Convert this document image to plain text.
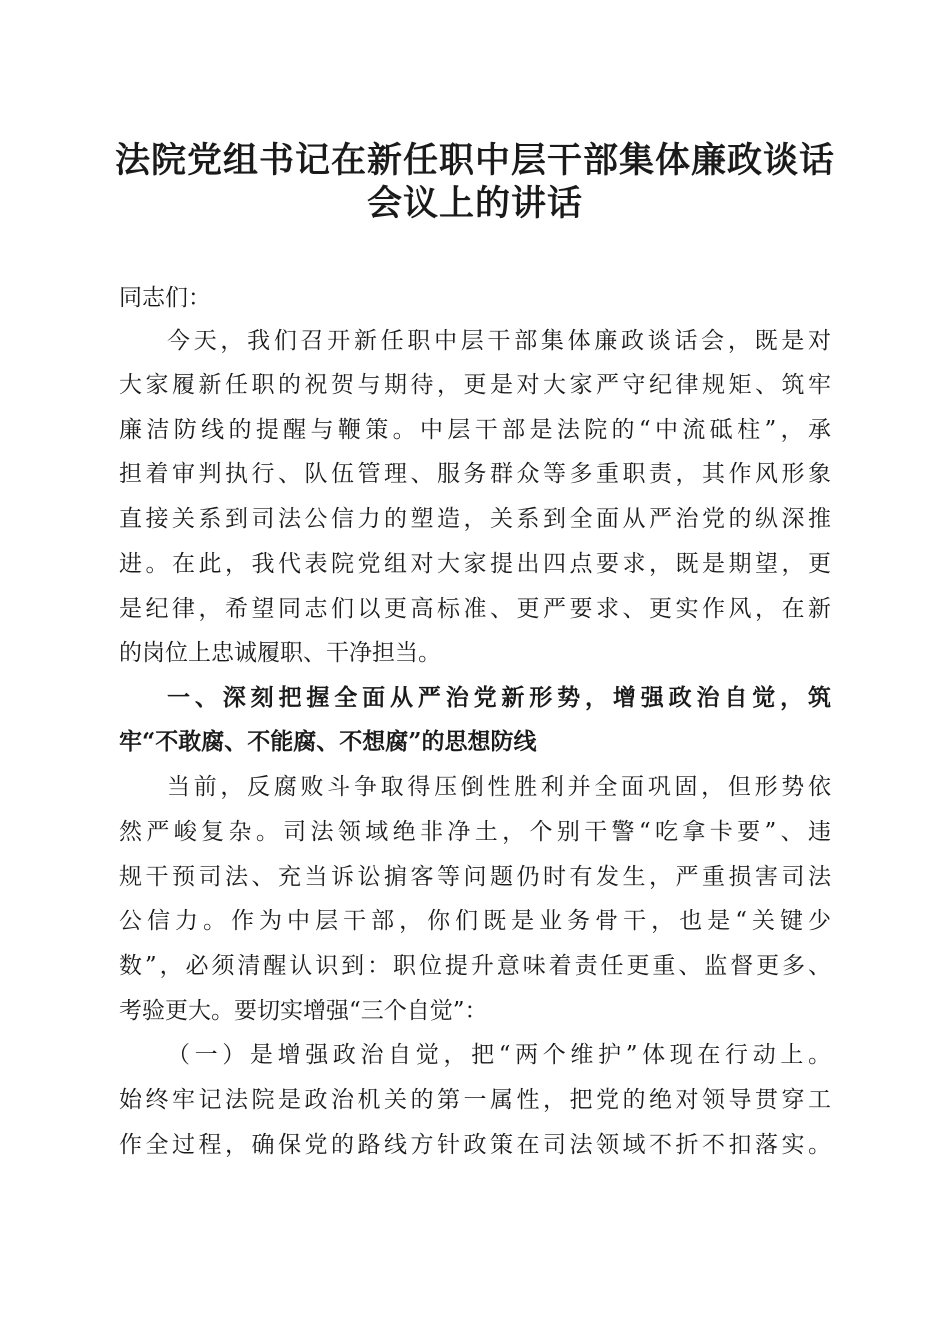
法院党组书记在新任职中层干部集体廉政谈话
会议上的讲话
同志们：
今天，我们召开新任职中层干部集体廉政谈话会，既是对
大家履新任职的祝贺与期待，更是对大家严守纪律规矩、筑牢
廉洁防线的提醒与鞭策。中层干部是法院的“中流砥柱”，承
担着审判执行、队伍管理、服务群众等多重职责，其作风形象
直接关系到司法公信力的塑造，关系到全面从严治党的纵深推
进。在此，我代表院党组对大家提出四点要求，既是期望，更
是纪律，希望同志们以更高标准、更严要求、更实作风，在新
的岗位上忠诚履职、干净担当。
一、深刻把握全面从严治党新形势，增强政治自觉，筑
牢“不敢腐、不能腐、不想腐”的思想防线
当前，反腐败斗争取得压倒性胜利并全面巩固，但形势依
然严峻复杂。司法领域绝非净土，个别干警“吃拿卡要”、违
规干预司法、充当诉讼掮客等问题仍时有发生，严重损害司法
公信力。作为中层干部，你们既是业务骨干，也是“关键少
数”，必须清醒认识到：职位提升意味着责任更重、监督更多、
考验更大。要切实增强“三个自觉”：
（一）是增强政治自觉，把“两个维护”体现在行动上。
始终牢记法院是政治机关的第一属性，把党的绝对领导贯穿工
作全过程，确保党的路线方针政策在司法领域不折不扣落实。
